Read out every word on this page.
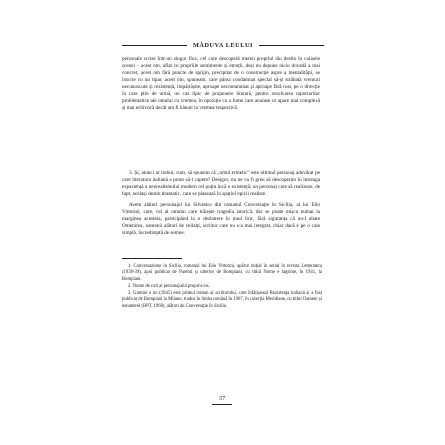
MĂDUVA LEULUI

personale scrise într-un singur flux, cel care descoperă mereu propriul tău destin în culisele scenei – acest om, aflat cu propriile sentimente și emoții, deși nu depune nicio dovadă a mai concret, acest om fără puncte de sprijin, precipitat de o construcție aspre a mentalității, se înscrie cu un tipar, acest om, spuneam, care părea condamnat special să-și străbată vremuri necunoscute și rezistență, împărtășite, aproape necontaminat și aproape fără rost, pe o direcție în care plin de urmă, un caz tipic de propunere literară, pentru rezolvarea raporturilor problematice ale omului cu vremea, în opoziție cu o lume care anulase ce apare mai complexă și mai echivocă decât am fi bănuit la vremea respectivă.

3. Și, atunci ar trebui, cum, să spunem că „omul ermetic” este ultimul personaj adevărat pe care literatura italiană a putut să-l capete? Desigur, nu ne va fi greu să descoperim în întreaga experiență a neorealismului modern cel puțin încă o existență, un personaj care să realizeze, de fapt, același destin dramatic, care se plasează în spațiul epicii realiste.

Avem alături personajul lui Silvestro din romanul Conversație în Sicilia, al lui Elio Vittorini, care, cel al omului care trăiește tragedia istorică, dar se poate mișca numai la marginea acesteia, participând la o dezbatere în mod liric, fără siguranța că nu-l abate Omenirea, oamenii alături de ceilalți, scriitor care nu s-a mai integrat, chiar dacă e pe o cale simplă, încredințată de semne.

1. Conversazione in Sicilia, romanul lui Elio Vittorini, apărut inițial în serial în revista Letteratura (1938-39), apoi publicat de Parenti și ulterior de Bompiani, cu titlul Nome e lagrime, în 1941, la Bompiani.

2. Nume de cult al personajului propriu-zis.

3. Uomini e no (1945) este primul roman al scriitorului, care înfățișează Rezistența italiană și a fost publicat de Bompiani la Milano, tradus în limba română în 1967, în colecția Meridiane, cu titlul Oameni și neoameni (BPT, 1968), alături de Conversație în Sicilia.

37
